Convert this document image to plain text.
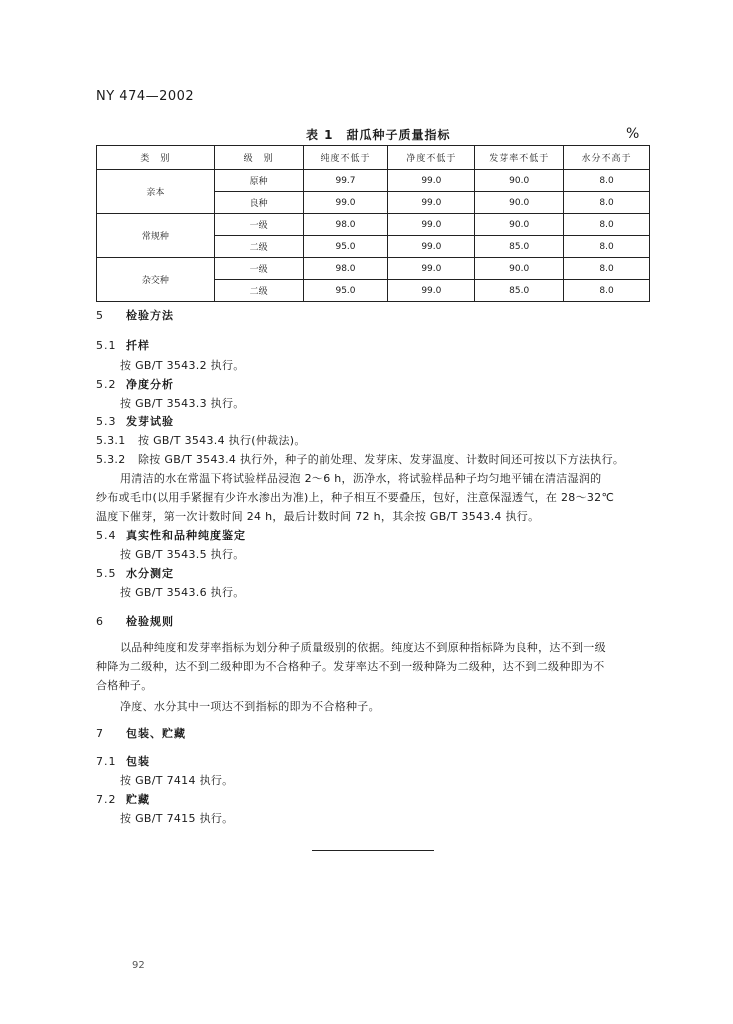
NY 474—2002
表 1　甜瓜种子质量指标	%
类　别	级　别	纯度不低于	净度不低于	发芽率不低于	水分不高于
亲本	原种	99.7	99.0	90.0	8.0
	良种	99.0	99.0	90.0	8.0
常规种	一级	98.0	99.0	90.0	8.0
	二级	95.0	99.0	85.0	8.0
杂交种	一级	98.0	99.0	90.0	8.0
	二级	95.0	99.0	85.0	8.0
5 检验方法
5.1 扦样
按 GB/T 3543.2 执行。
5.2 净度分析
按 GB/T 3543.3 执行。
5.3 发芽试验
5.3.1 按 GB/T 3543.4 执行(仲裁法)。
5.3.2 除按 GB/T 3543.4 执行外，种子的前处理、发芽床、发芽温度、计数时间还可按以下方法执行。
用清洁的水在常温下将试验样品浸泡 2～6 h，沥净水，将试验样品种子均匀地平铺在清洁湿润的
纱布或毛巾(以用手紧握有少许水渗出为准)上，种子相互不要叠压，包好，注意保湿透气，在 28～32℃
温度下催芽，第一次计数时间 24 h，最后计数时间 72 h，其余按 GB/T 3543.4 执行。
5.4 真实性和品种纯度鉴定
按 GB/T 3543.5 执行。
5.5 水分测定
按 GB/T 3543.6 执行。
6 检验规则
以品种纯度和发芽率指标为划分种子质量级别的依据。纯度达不到原种指标降为良种，达不到一级
种降为二级种，达不到二级种即为不合格种子。发芽率达不到一级种降为二级种，达不到二级种即为不
合格种子。
净度、水分其中一项达不到指标的即为不合格种子。
7 包装、贮藏
7.1 包装
按 GB/T 7414 执行。
7.2 贮藏
按 GB/T 7415 执行。
92
